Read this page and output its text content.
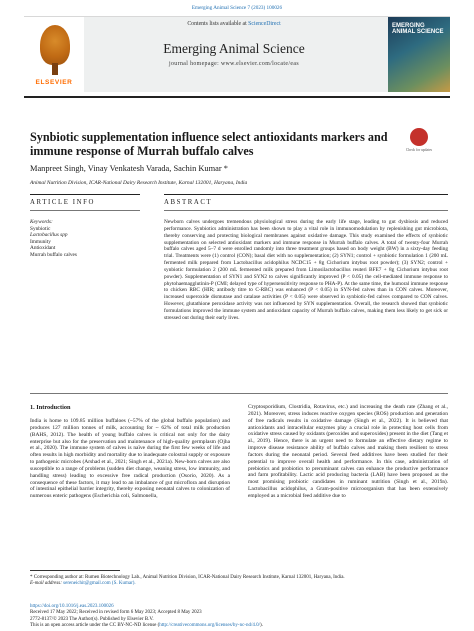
Emerging Animal Science 7 (2023) 100026
ELSEVIER
Contents lists available at ScienceDirect
Emerging Animal Science
journal homepage: www.elsevier.com/locate/eas
EMERGING ANIMAL SCIENCE
Synbiotic supplementation influence select antioxidants markers and immune response of Murrah buffalo calves	Check for updates
Manpreet Singh, Vinay Venkatesh Varada, Sachin Kumar *
Animal Nutrition Division, ICAR-National Dairy Research Institute, Karnal 132001, Haryana, India
ARTICLE INFO	ABSTRACT
Keywords:
Synbiotic
Lactobacillus spp
Immunity
Antioxidant
Murrah buffalo calves
Newborn calves undergoes tremendous physiological stress during the early life stage, leading to gut dysbiosis and reduced performance. Synbiotics administration has been shown to play a vital role in immunomodulation by replenishing gut microbiota, thereby conserving and protecting biological membranes against oxidative damage. This study examined the effects of synbiotic supplementation on selected antioxidant markers and immune response in Murrah buffalo calves. A total of twenty-four Murrah buffalo calves aged 5–7 d were enrolled randomly into three treatment groups based on body weight (BW) in a sixty-day feeding trial. Treatments were (1) control (CON); basal diet with no supplementation; (2) SYN1; control + synbiotic formulation 1 (200 mL fermented milk prepared from Lactobacillus acidophilus NCDC15 + 8g Cichorium intybus root powder); (3) SYN2; control + synbiotic formulation 2 (200 mL fermented milk prepared from Limosilactobacillus reuteri BFE7 + 8g Cichorium intybus root powder). Supplementation of SYN1 and SYN2 to calves significantly improved (P < 0.05) the cell-mediated immune response to phytohaemagglutinin-P (CMI; delayed type of hypersensitivity response to PHA-P). At the same time, the humoral immune response to chicken RBC (HIR; antibody titre to C-RBC) was enhanced (P < 0.05) in SYN-fed calves than in CON calves. Moreover, increased superoxide dismutase and catalase activities (P < 0.05) were observed in synbiotic-fed calves compared to CON calves. However, glutathione peroxidase activity was not influenced by SYN supplementation. Overall, the research showed that synbiotic formulations improved the immune system and antioxidant capacity of Murrah buffalo calves, making them less likely to get sick or stressed out during their early lives.
1. Introduction
India is home to 109.85 million buffaloes (~57% of the global buffalo population) and produces 127 million tonnes of milk, accounting for ~ 62% of total milk production (BAHS, 2012). The health of young buffalo calves is critical not only for the dairy enterprise but also for the preservation and maintenance of high-quality germplasm (Ojha et al., 2020). The immune system of calves is naïve during the first few weeks of life and often results in high morbidity and mortality due to inadequate colostral supply or exposure to pathogenic microbes (Arshad et al., 2021; Singh et al., 2021a). New-born calves are also susceptible to a range of problems (sudden diet change, weaning stress, low immunity, and handling stress) leading to excessive free radical production (Osorio, 2020). As a consequence of these factors, it may lead to an imbalance of gut microflora and disruption of intestinal epithelial barrier integrity, thereby exposing neonatal calves to colonization of numerous enteric pathogens (Escherichia coli, Salmonella,
Cryptosporidium, Clostridia, Rotavirus, etc.) and increasing the death rate (Zhang et al., 2021). Moreover, stress induces reactive oxygen species (ROS) production and generation of free radicals results in oxidative damage (Singh et al., 2022). It is believed that antioxidants and intracellular enzymes play a crucial role in protecting host cells from oxidative stress caused by oxidants (peroxides and superoxides) present in the diet (Tang et al., 2019). Hence, there is an urgent need to formulate an effective dietary regime to improve disease resistance ability of buffalo calves and making them resilient to stress factors during the neonatal period. Several feed additives have been studied for their potential to improve overall health and performance. In this case, administration of prebiotics and probiotics to preruminant calves can enhance the productive performance and farm profitability. Lactic acid producing bacteria (LAB) have been proposed as the most promising probiotic candidates in ruminant nutrition (Singh et al., 2019a). Lactobacillus acidophilus, a Gram-positive microorganism that has been extensively employed as a microbial feed additive due to
* Corresponding author at: Rumen Biotechnology Lab., Animal Nutrition Division, ICAR-National Dairy Research Institute, Karnal 132001, Haryana, India.
E-mail address: sereneichit@gmail.com (S. Kumar).
https://doi.org/10.1016/j.eas.2023.100026
Received 17 May 2022; Received in revised form 6 May 2023; Accepted 8 May 2023
2772-8137/© 2023 The Author(s). Published by Elsevier B.V.
This is an open access article under the CC BY-NC-ND license (http://creativecommons.org/licenses/by-nc-nd/4.0/).
